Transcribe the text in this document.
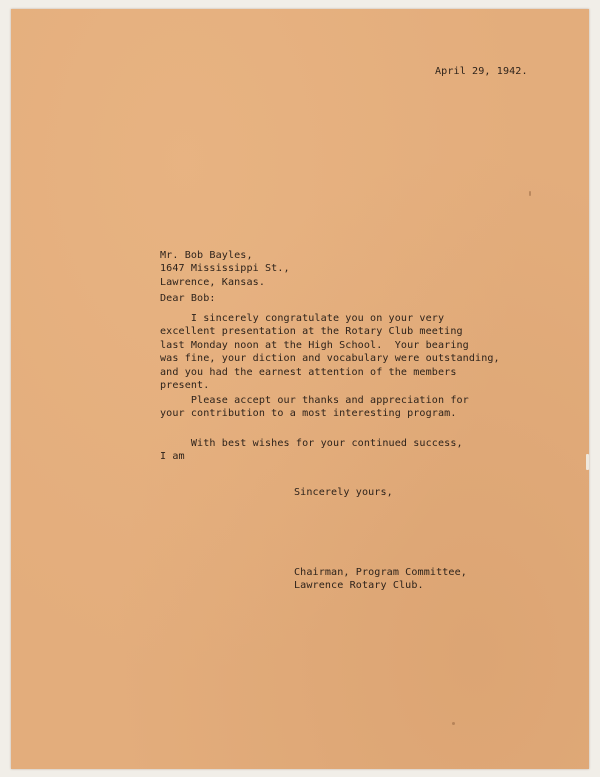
April 29, 1942.

Mr. Bob Bayles,
1647 Mississippi St.,
Lawrence, Kansas.

Dear Bob:

I sincerely congratulate you on your very
excellent presentation at the Rotary Club meeting
last Monday noon at the High School.  Your bearing
was fine, your diction and vocabulary were outstanding,
and you had the earnest attention of the members
present.
Please accept our thanks and appreciation for
your contribution to a most interesting program.
With best wishes for your continued success,
I am

Sincerely yours,

Chairman, Program Committee,
Lawrence Rotary Club.
